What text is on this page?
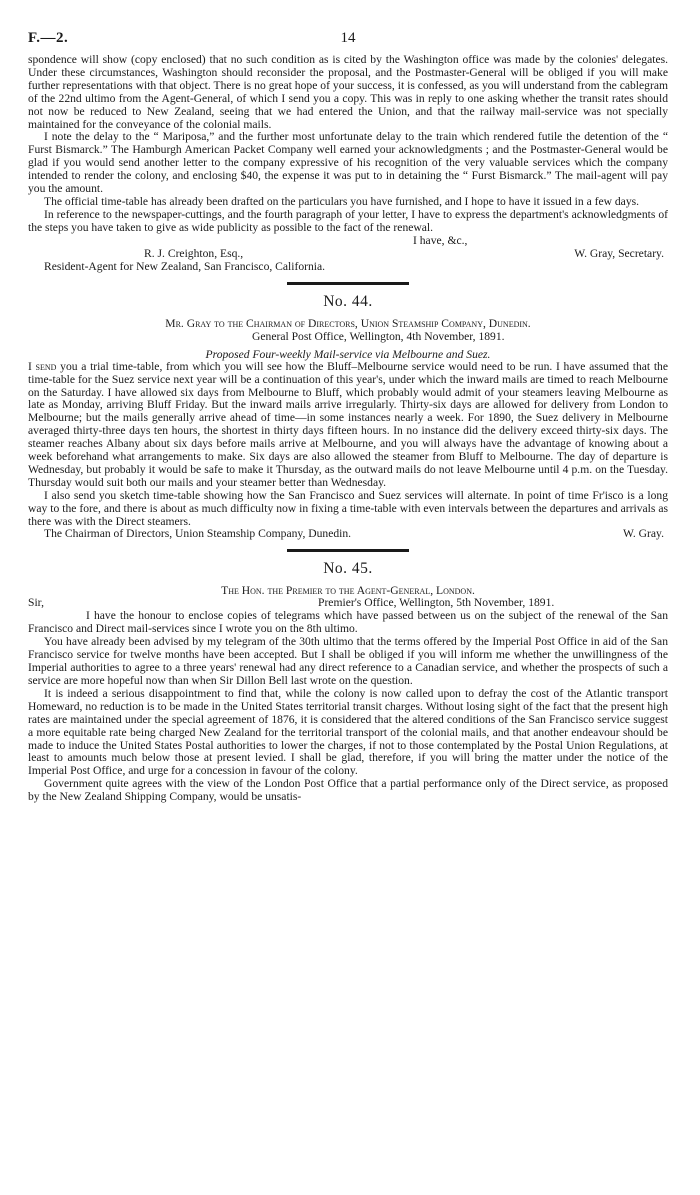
F.—2.	14

spondence will show (copy enclosed) that no such condition as is cited by the Washington office was made by the colonies' delegates. Under these circumstances, Washington should reconsider the proposal, and the Postmaster-General will be obliged if you will make further representations with that object. There is no great hope of your success, it is confessed, as you will understand from the cablegram of the 22nd ultimo from the Agent-General, of which I send you a copy. This was in reply to one asking whether the transit rates should not now be reduced to New Zealand, seeing that we had entered the Union, and that the railway mail-service was not specially maintained for the conveyance of the colonial mails.

I note the delay to the “ Mariposa,” and the further most unfortunate delay to the train which rendered futile the detention of the “ Furst Bismarck.” The Hamburgh American Packet Company well earned your acknowledgments ; and the Postmaster-General would be glad if you would send another letter to the company expressive of his recognition of the very valuable services which the company intended to render the colony, and enclosing $40, the expense it was put to in detaining the “ Furst Bismarck.” The mail-agent will pay you the amount.

The official time-table has already been drafted on the particulars you have furnished, and I hope to have it issued in a few days.

In reference to the newspaper-cuttings, and the fourth paragraph of your letter, I have to express the department's acknowledgments of the steps you have taken to give as wide publicity as possible to the fact of the renewal.

I have, &c.,
R. J. Creighton, Esq.,	W. Gray, Secretary.
Resident-Agent for New Zealand, San Francisco, California.
No. 44.
Mr. Gray to the Chairman of Directors, Union Steamship Company, Dunedin.
General Post Office, Wellington, 4th November, 1891.
Proposed Four-weekly Mail-service via Melbourne and Suez.

I send you a trial time-table, from which you will see how the Bluff–Melbourne service would need to be run. I have assumed that the time-table for the Suez service next year will be a continuation of this year's, under which the inward mails are timed to reach Melbourne on the Saturday. I have allowed six days from Melbourne to Bluff, which probably would admit of your steamers leaving Melbourne as late as Monday, arriving Bluff Friday. But the inward mails arrive irregularly. Thirty-six days are allowed for delivery from London to Melbourne; but the mails generally arrive ahead of time—in some instances nearly a week. For 1890, the Suez delivery in Melbourne averaged thirty-three days ten hours, the shortest in thirty days fifteen hours. In no instance did the delivery exceed thirty-six days. The steamer reaches Albany about six days before mails arrive at Melbourne, and you will always have the advantage of knowing about a week beforehand what arrangements to make. Six days are also allowed the steamer from Bluff to Melbourne. The day of departure is Wednesday, but probably it would be safe to make it Thursday, as the outward mails do not leave Melbourne until 4 p.m. on the Tuesday. Thursday would suit both our mails and your steamer better than Wednesday.

I also send you sketch time-table showing how the San Francisco and Suez services will alternate. In point of time Fr'isco is a long way to the fore, and there is about as much difficulty now in fixing a time-table with even intervals between the departures and arrivals as there was with the Direct steamers.

The Chairman of Directors, Union Steamship Company, Dunedin.	W. Gray.
No. 45.
The Hon. the Premier to the Agent-General, London.
Sir,	Premier's Office, Wellington, 5th November, 1891.

I have the honour to enclose copies of telegrams which have passed between us on the subject of the renewal of the San Francisco and Direct mail-services since I wrote you on the 8th ultimo.

You have already been advised by my telegram of the 30th ultimo that the terms offered by the Imperial Post Office in aid of the San Francisco service for twelve months have been accepted. But I shall be obliged if you will inform me whether the unwillingness of the Imperial authorities to agree to a three years' renewal had any direct reference to a Canadian service, and whether the prospects of such a service are more hopeful now than when Sir Dillon Bell last wrote on the question.

It is indeed a serious disappointment to find that, while the colony is now called upon to defray the cost of the Atlantic transport Homeward, no reduction is to be made in the United States territorial transit charges. Without losing sight of the fact that the present high rates are maintained under the special agreement of 1876, it is considered that the altered conditions of the San Francisco service suggest a more equitable rate being charged New Zealand for the territorial transport of the colonial mails, and that another endeavour should be made to induce the United States Postal authorities to lower the charges, if not to those contemplated by the Postal Union Regulations, at least to amounts much below those at present levied. I shall be glad, therefore, if you will bring the matter under the notice of the Imperial Post Office, and urge for a concession in favour of the colony.

Government quite agrees with the view of the London Post Office that a partial performance only of the Direct service, as proposed by the New Zealand Shipping Company, would be unsatis-
